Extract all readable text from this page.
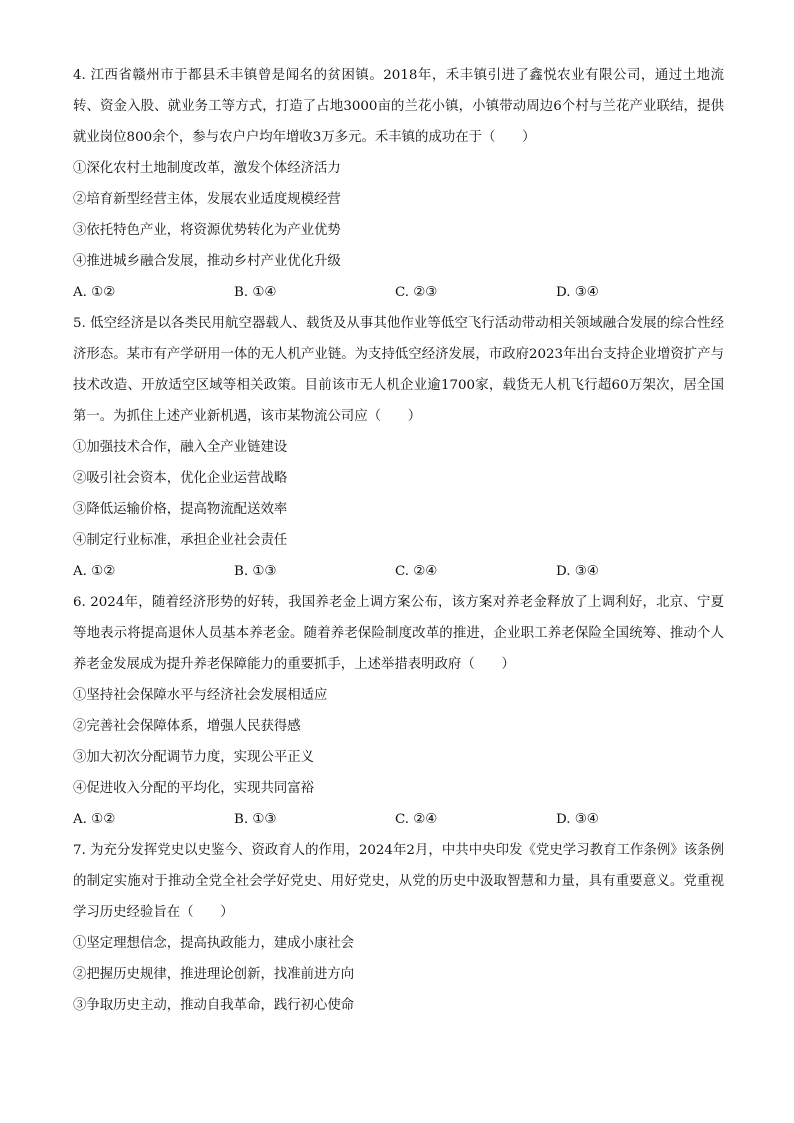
4. 江西省赣州市于都县禾丰镇曾是闻名的贫困镇。2018年，禾丰镇引进了鑫悦农业有限公司，通过土地流转、资金入股、就业务工等方式，打造了占地3000亩的兰花小镇，小镇带动周边6个村与兰花产业联结，提供就业岗位800余个，参与农户户均年增收3万多元。禾丰镇的成功在于（　　）

①深化农村土地制度改革，激发个体经济活力

②培育新型经营主体，发展农业适度规模经营

③依托特色产业，将资源优势转化为产业优势

④推进城乡融合发展，推动乡村产业优化升级

A. ①②	B. ①④	C. ②③	D. ③④

5. 低空经济是以各类民用航空器载人、载货及从事其他作业等低空飞行活动带动相关领域融合发展的综合性经济形态。某市有产学研用一体的无人机产业链。为支持低空经济发展，市政府2023年出台支持企业增资扩产与技术改造、开放适空区域等相关政策。目前该市无人机企业逾1700家，载货无人机飞行超60万架次，居全国第一。为抓住上述产业新机遇，该市某物流公司应（　　）

①加强技术合作，融入全产业链建设

②吸引社会资本，优化企业运营战略

③降低运输价格，提高物流配送效率

④制定行业标准，承担企业社会责任

A. ①②	B. ①③	C. ②④	D. ③④

6. 2024年，随着经济形势的好转，我国养老金上调方案公布，该方案对养老金释放了上调利好，北京、宁夏等地表示将提高退休人员基本养老金。随着养老保险制度改革的推进，企业职工养老保险全国统筹、推动个人养老金发展成为提升养老保障能力的重要抓手，上述举措表明政府（　　）

①坚持社会保障水平与经济社会发展相适应

②完善社会保障体系，增强人民获得感

③加大初次分配调节力度，实现公平正义

④促进收入分配的平均化，实现共同富裕

A. ①②	B. ①③	C. ②④	D. ③④

7. 为充分发挥党史以史鉴今、资政育人的作用，2024年2月，中共中央印发《党史学习教育工作条例》该条例的制定实施对于推动全党全社会学好党史、用好党史，从党的历史中汲取智慧和力量，具有重要意义。党重视学习历史经验旨在（　　）

①坚定理想信念，提高执政能力，建成小康社会

②把握历史规律，推进理论创新，找准前进方向

③争取历史主动，推动自我革命，践行初心使命
